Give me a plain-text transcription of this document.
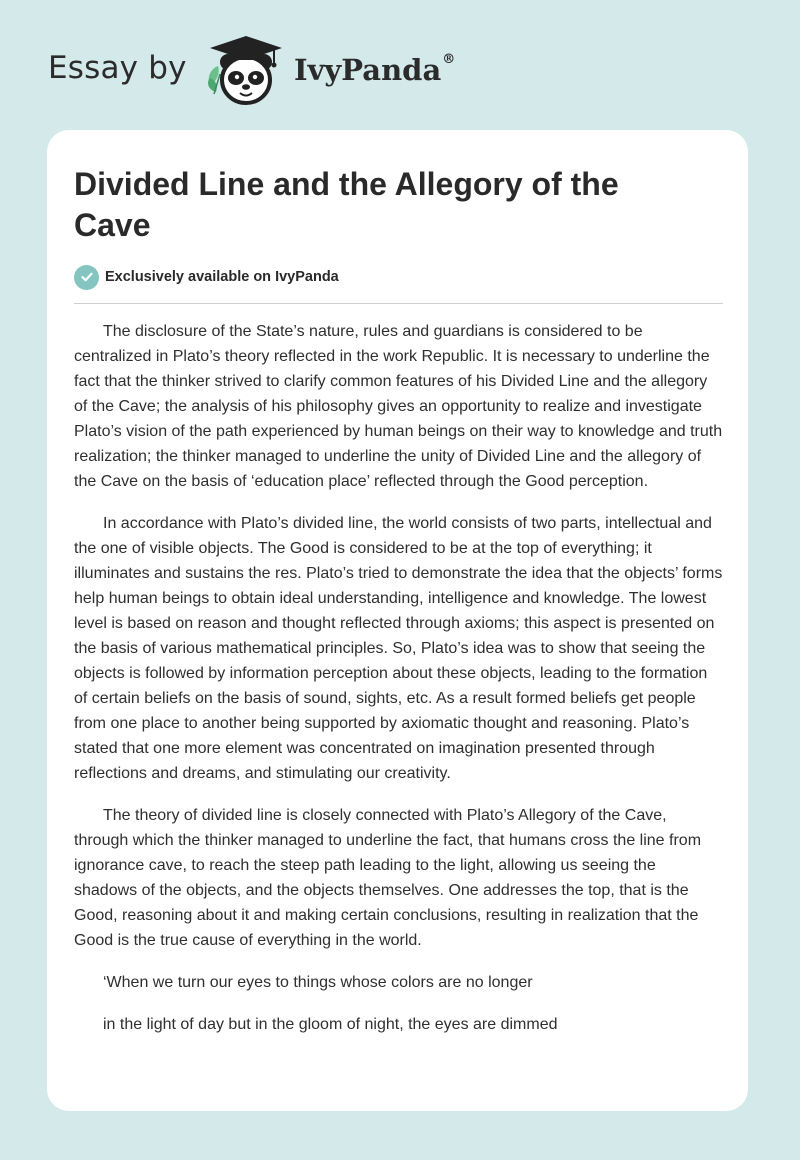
Essay by	IvyPanda®
Divided Line and the Allegory of the Cave
Exclusively available on IvyPanda

The disclosure of the State’s nature, rules and guardians is considered to be centralized in Plato’s theory reflected in the work Republic. It is necessary to underline the fact that the thinker strived to clarify common features of his Divided Line and the allegory of the Cave; the analysis of his philosophy gives an opportunity to realize and investigate Plato’s vision of the path experienced by human beings on their way to knowledge and truth realization; the thinker managed to underline the unity of Divided Line and the allegory of the Cave on the basis of ‘education place’ reflected through the Good perception.

In accordance with Plato’s divided line, the world consists of two parts, intellectual and the one of visible objects. The Good is considered to be at the top of everything; it illuminates and sustains the res. Plato’s tried to demonstrate the idea that the objects’ forms help human beings to obtain ideal understanding, intelligence and knowledge. The lowest level is based on reason and thought reflected through axioms; this aspect is presented on the basis of various mathematical principles. So, Plato’s idea was to show that seeing the objects is followed by information perception about these objects, leading to the formation of certain beliefs on the basis of sound, sights, etc. As a result formed beliefs get people from one place to another being supported by axiomatic thought and reasoning. Plato’s stated that one more element was concentrated on imagination presented through reflections and dreams, and stimulating our creativity.

The theory of divided line is closely connected with Plato’s Allegory of the Cave, through which the thinker managed to underline the fact, that humans cross the line from ignorance cave, to reach the steep path leading to the light, allowing us seeing the shadows of the objects, and the objects themselves. One addresses the top, that is the Good, reasoning about it and making certain conclusions, resulting in realization that the Good is the true cause of everything in the world.

‘When we turn our eyes to things whose colors are no longer

in the light of day but in the gloom of night, the eyes are dimmed
